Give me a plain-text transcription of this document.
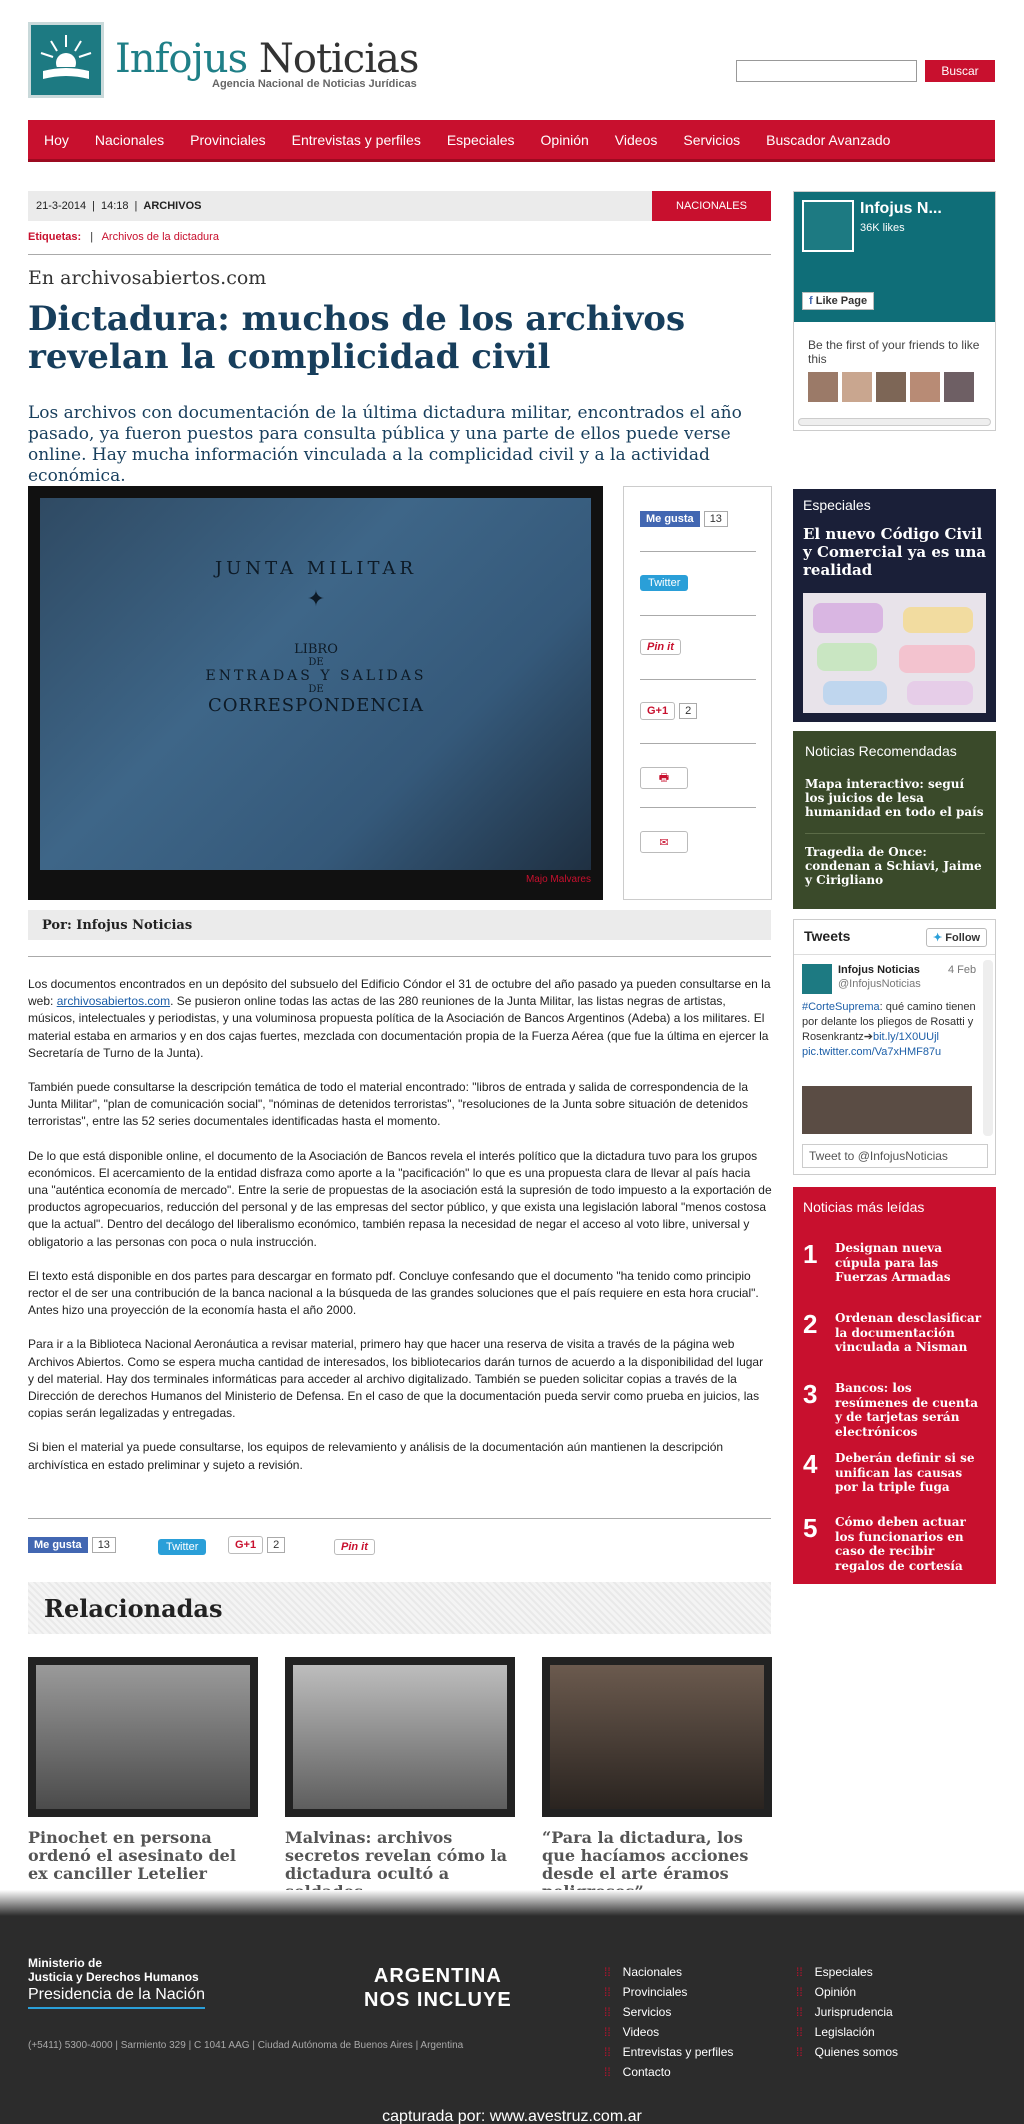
Infojus Noticias
Agencia Nacional de Noticias Jurídicas
Buscar
Hoy Nacionales Provinciales Entrevistas y perfiles Especiales Opinión Videos Servicios Buscador Avanzado
21-3-2014 | 14:18 | ARCHIVOS	NACIONALES
Etiquetas: | Archivos de la dictadura
En archivosabiertos.com
Dictadura: muchos de los archivos revelan la complicidad civil
Los archivos con documentación de la última dictadura militar, encontrados el año pasado, ya fueron puestos para consulta pública y una parte de ellos puede verse online. Hay mucha información vinculada a la complicidad civil y a la actividad económica.
JUNTA MILITAR
✦
LIBRO
DE
ENTRADAS Y SALIDAS
DE
CORRESPONDENCIA
Majo Malvares
Me gusta 13
Twitter
Pin it
G+1 2
🖶
✉
Por: Infojus Noticias

Los documentos encontrados en un depósito del subsuelo del Edificio Cóndor el 31 de octubre del año pasado ya pueden consultarse en la web: archivosabiertos.com. Se pusieron online todas las actas de las 280 reuniones de la Junta Militar, las listas negras de artistas, músicos, intelectuales y periodistas, y una voluminosa propuesta política de la Asociación de Bancos Argentinos (Adeba) a los militares. El material estaba en armarios y en dos cajas fuertes, mezclada con documentación propia de la Fuerza Aérea (que fue la última en ejercer la Secretaría de Turno de la Junta).

También puede consultarse la descripción temática de todo el material encontrado: "libros de entrada y salida de correspondencia de la Junta Militar", "plan de comunicación social", "nóminas de detenidos terroristas", "resoluciones de la Junta sobre situación de detenidos terroristas", entre las 52 series documentales identificadas hasta el momento.

De lo que está disponible online, el documento de la Asociación de Bancos revela el interés político que la dictadura tuvo para los grupos económicos. El acercamiento de la entidad disfraza como aporte a la "pacificación" lo que es una propuesta clara de llevar al país hacia una "auténtica economía de mercado". Entre la serie de propuestas de la asociación está la supresión de todo impuesto a la exportación de productos agropecuarios, reducción del personal y de las empresas del sector público, y que exista una legislación laboral "menos costosa que la actual". Dentro del decálogo del liberalismo económico, también repasa la necesidad de negar el acceso al voto libre, universal y obligatorio a las personas con poca o nula instrucción.

El texto está disponible en dos partes para descargar en formato pdf. Concluye confesando que el documento "ha tenido como principio rector el de ser una contribución de la banca nacional a la búsqueda de las grandes soluciones que el país requiere en esta hora crucial". Antes hizo una proyección de la economía hasta el año 2000.

Para ir a la Biblioteca Nacional Aeronáutica a revisar material, primero hay que hacer una reserva de visita a través de la página web Archivos Abiertos. Como se espera mucha cantidad de interesados, los bibliotecarios darán turnos de acuerdo a la disponibilidad del lugar y del material. Hay dos terminales informáticas para acceder al archivo digitalizado. También se pueden solicitar copias a través de la Dirección de derechos Humanos del Ministerio de Defensa. En el caso de que la documentación pueda servir como prueba en juicios, las copias serán legalizadas y entregadas.

Si bien el material ya puede consultarse, los equipos de relevamiento y análisis de la documentación aún mantienen la descripción archivística en estado preliminar y sujeto a revisión.

Me gusta 13	Twitter	G+1 2	Pin it
Relacionadas
Pinochet en persona ordenó el asesinato del ex canciller Letelier
Malvinas: archivos secretos revelan cómo la dictadura ocultó a
“Para la dictadura, los que hacíamos acciones desde el arte éramos
Infojus N...
36K likes
f Like Page
Be the first of your friends to like this
Especiales
El nuevo Código Civil y Comercial ya es una realidad
Noticias Recomendadas
Mapa interactivo: seguí los juicios de lesa humanidad en todo el país
Tragedia de Once: condenan a Schiavi, Jaime y Cirigliano
Tweets	✦ Follow
Infojus Noticias
@InfojusNoticias
4 Feb
#CorteSuprema: qué camino tienen por delante los pliegos de Rosatti y Rosenkrantz➔bit.ly/1X0UUjl pic.twitter.com/Va7xHMF87u
Tweet to @InfojusNoticias
Noticias más leídas
1 Designan nueva cúpula para las Fuerzas Armadas
2 Ordenan desclasificar la documentación vinculada a Nisman
3 Bancos: los resúmenes de cuenta y de tarjetas serán electrónicos
4 Deberán definir si se unifican las causas por la triple fuga
5 Cómo deben actuar los funcionarios en caso de recibir regalos de cortesía
Ministerio de
Justicia y Derechos Humanos
Presidencia de la Nación
ARGENTINA
NOS INCLUYE
(+5411) 5300-4000 | Sarmiento 329 | C 1041 AAG | Ciudad Autónoma de Buenos Aires | Argentina
⁞⁞ Nacionales
⁞⁞ Provinciales
⁞⁞ Servicios
⁞⁞ Videos
⁞⁞ Entrevistas y perfiles
⁞⁞ Contacto
⁞⁞ Especiales
⁞⁞ Opinión
⁞⁞ Jurisprudencia
⁞⁞ Legislación
⁞⁞ Quienes somos
capturada por: www.avestruz.com.ar
